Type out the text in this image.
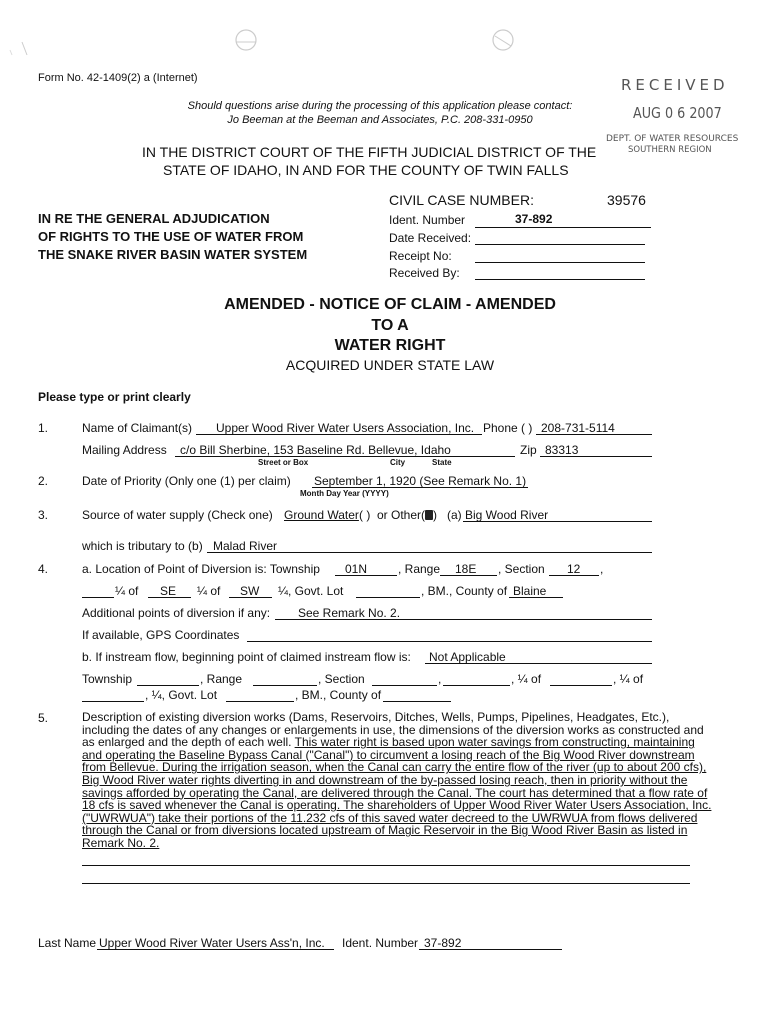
Form No. 42-1409(2) a (Internet)
Should questions arise during the processing of this application please contact:
Jo Beeman at the Beeman and Associates, P.C. 208-331-0950
RECEIVED
AUG 0 6 2007
DEPT. OF WATER RESOURCES
SOUTHERN REGION
IN THE DISTRICT COURT OF THE FIFTH JUDICIAL DISTRICT OF THE
STATE OF IDAHO, IN AND FOR THE COUNTY OF TWIN FALLS
IN RE THE GENERAL ADJUDICATION
OF RIGHTS TO THE USE OF WATER FROM
THE SNAKE RIVER BASIN WATER SYSTEM
CIVIL CASE NUMBER:	39576
Ident. Number	37-892
Date Received:
Receipt No:
Received By:
AMENDED - NOTICE OF CLAIM - AMENDED
TO A
WATER RIGHT
ACQUIRED UNDER STATE LAW
Please type or print clearly
1.	Name of Claimant(s) Upper Wood River Water Users Association, Inc. Phone ( ) 208-731-5114
Mailing Address c/o Bill Sherbine, 153 Baseline Rd. Bellevue, Idaho	Zip 83313
Street or Box	City	State
2.	Date of Priority (Only one (1) per claim) September 1, 1920 (See Remark No. 1)
Month Day Year (YYYY)
3.	Source of water supply (Check one) Ground Water ( ) or Other ( ) (a) Big Wood River
which is tributary to (b) Malad River
4.	a. Location of Point of Diversion is: Township 01N	, Range 18E , Section 12 ,
¼ of SE ¼ of SW ¼, Govt. Lot	, BM., County of Blaine
Additional points of diversion if any: See Remark No. 2.
If available, GPS Coordinates
b. If instream flow, beginning point of claimed instream flow is: Not Applicable
Township	, Range	, Section	,	, ¼ of	, ¼ of
, ¼, Govt. Lot	, BM., County of
5.	Description of existing diversion works (Dams, Reservoirs, Ditches, Wells, Pumps, Pipelines, Headgates, Etc.), including the dates of any changes or enlargements in use, the dimensions of the diversion works as constructed and as enlarged and the depth of each well. This water right is based upon water savings from constructing, maintaining and operating the Baseline Bypass Canal ("Canal") to circumvent a losing reach of the Big Wood River downstream from Bellevue. During the irrigation season, when the Canal can carry the entire flow of the river (up to about 200 cfs), Big Wood River water rights diverting in and downstream of the by-passed losing reach, then in priority without the savings afforded by operating the Canal, are delivered through the Canal. The court has determined that a flow rate of 18 cfs is saved whenever the Canal is operating. The shareholders of Upper Wood River Water Users Association, Inc. ("UWRWUA") take their portions of the 11.232 cfs of this saved water decreed to the UWRWUA from flows delivered through the Canal or from diversions located upstream of Magic Reservoir in the Big Wood River Basin as listed in Remark No. 2.
Last Name Upper Wood River Water Users Ass'n, Inc. Ident. Number 37-892
